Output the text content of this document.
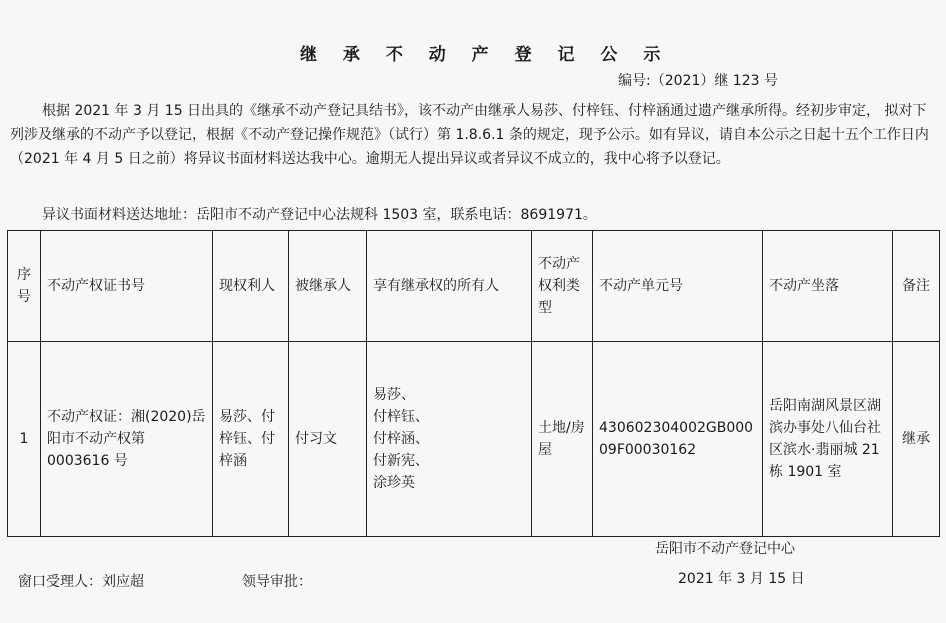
继 承 不 动 产 登 记 公 示
编号:（2021）继 123 号
根据 2021 年 3 月 15 日出具的《继承不动产登记具结书》，该不动产由继承人易莎、付梓钰、付梓涵通过遗产继承所得。经初步审定， 拟对下列涉及继承的不动产予以登记，根据《不动产登记操作规范》（试行）第 1.8.6.1 条的规定，现予公示。如有异议，请自本公示之日起十五个工作日内（2021 年 4 月 5 日之前）将异议书面材料送达我中心。逾期无人提出异议或者异议不成立的，我中心将予以登记。
异议书面材料送达地址：岳阳市不动产登记中心法规科 1503 室，联系电话：8691971。
序号	不动产权证书号	现权利人	被继承人	享有继承权的所有人	不动产权利类型	不动产单元号	不动产坐落	备注
1	不动产权证：湘(2020)岳阳市不动产权第 0003616 号	易莎、付梓钰、付梓涵	付习文	易莎、
付梓钰、
付梓涵、
付新宪、
涂珍英	土地/房屋	430602304002GB00009F00030162	岳阳南湖风景区湖滨办事处八仙台社区滨水·翡丽城 21 栋 1901 室	继承
岳阳市不动产登记中心
2021 年 3 月 15 日
窗口受理人：刘应超	领导审批：
